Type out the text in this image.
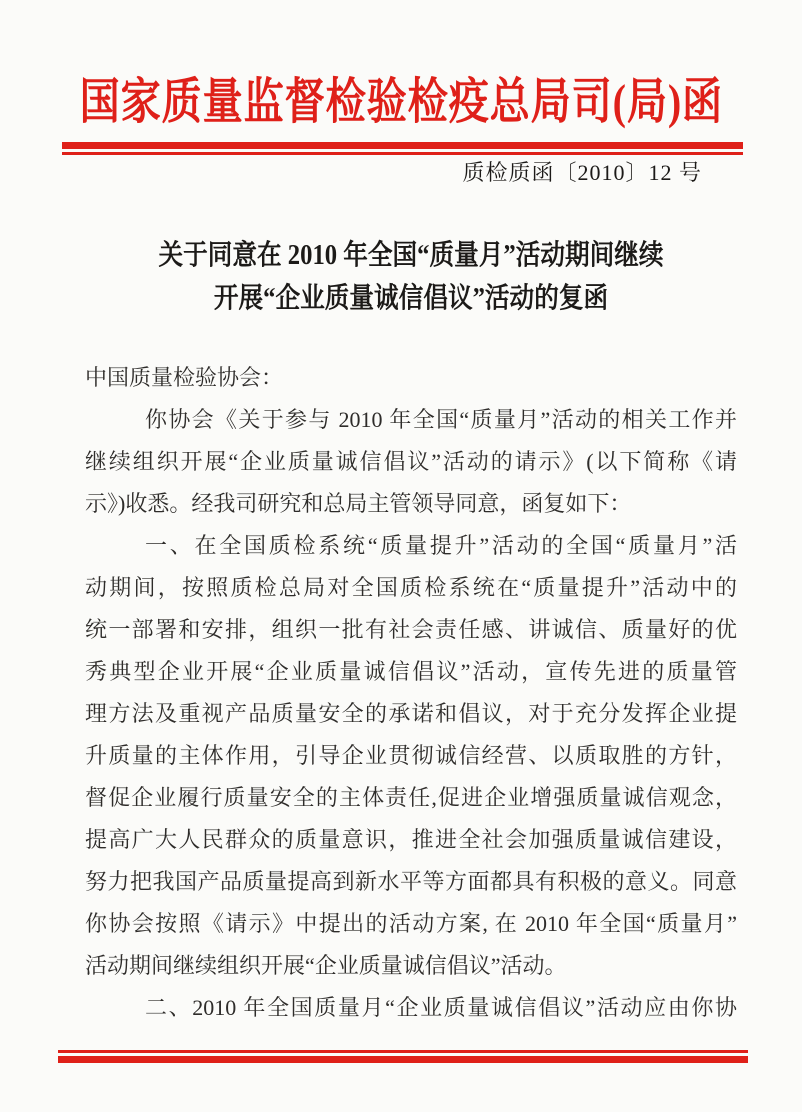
国家质量监督检验检疫总局司(局)函
质检质函〔2010〕12 号
关于同意在 2010 年全国“质量月”活动期间继续
开展“企业质量诚信倡议”活动的复函
中国质量检验协会：
你协会《关于参与 2010 年全国“质量月”活动的相关工作并
继续组织开展“企业质量诚信倡议”活动的请示》(以下简称《请
示》)收悉。经我司研究和总局主管领导同意，函复如下：
一、在全国质检系统“质量提升”活动的全国“质量月”活
动期间，按照质检总局对全国质检系统在“质量提升”活动中的
统一部署和安排，组织一批有社会责任感、讲诚信、质量好的优
秀典型企业开展“企业质量诚信倡议”活动，宣传先进的质量管
理方法及重视产品质量安全的承诺和倡议，对于充分发挥企业提
升质量的主体作用，引导企业贯彻诚信经营、以质取胜的方针，
督促企业履行质量安全的主体责任,促进企业增强质量诚信观念，
提高广大人民群众的质量意识，推进全社会加强质量诚信建设，
努力把我国产品质量提高到新水平等方面都具有积极的意义。同意
你协会按照《请示》中提出的活动方案, 在 2010 年全国“质量月”
活动期间继续组织开展“企业质量诚信倡议”活动。
二、2010 年全国质量月“企业质量诚信倡议”活动应由你协
